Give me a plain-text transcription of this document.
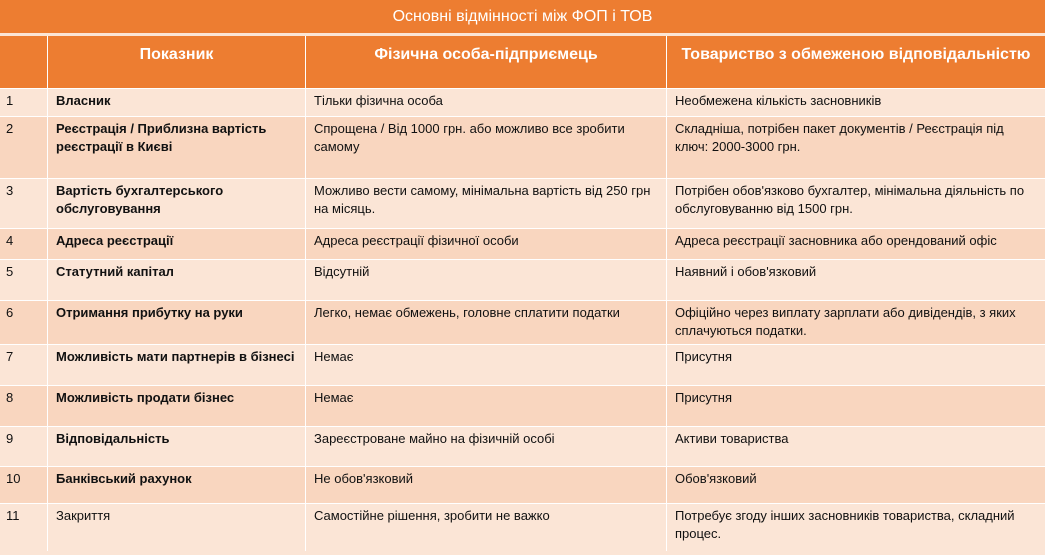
Основні відмінності між ФОП і ТОВ
	Показник	Фізична особа-підприємець	Товариство з обмеженою відповідальністю
1	Власник	Тільки фізична особа	Необмежена кількість засновників
2	Реєстрація / Приблизна вартість реєстрації в Києві	Спрощена / Від 1000 грн. або можливо все зробити самому	Складніша, потрібен пакет документів / Реєстрація під ключ: 2000-3000 грн.
3	Вартість бухгалтерського обслуговування	Можливо вести самому, мінімальна вартість від 250 грн на місяць.	Потрібен обов'язково бухгалтер, мінімальна діяльність по обслуговуванню від 1500 грн.
4	Адреса реєстрації	Адреса реєстрації фізичної особи	Адреса реєстрації засновника або орендований офіс
5	Статутний капітал	Відсутній	Наявний і обов'язковий
6	Отримання прибутку на руки	Легко, немає обмежень, головне сплатити податки	Офіційно через виплату зарплати або дивідендів, з яких сплачуються податки.
7	Можливість мати партнерів в бізнесі	Немає	Присутня
8	Можливість продати бізнес	Немає	Присутня
9	Відповідальність	Зареєстроване майно на фізичній особі	Активи товариства
10	Банківський рахунок	Не обов'язковий	Обов'язковий
11	Закриття	Самостійне рішення, зробити не важко	Потребує згоду інших засновників товариства, складний процес.
